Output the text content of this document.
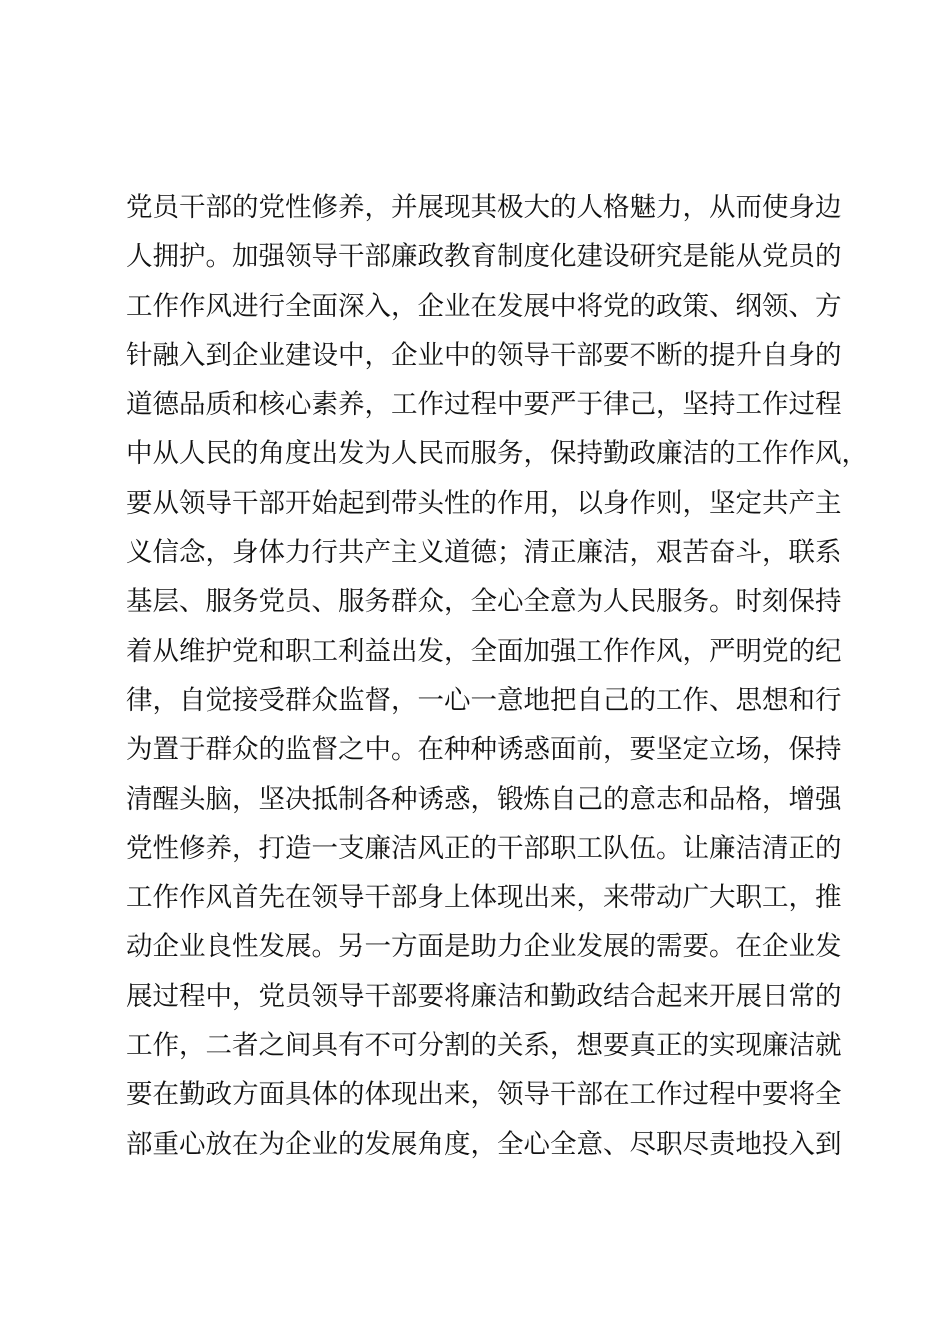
党员干部的党性修养，并展现其极大的人格魅力，从而使身边
人拥护。加强领导干部廉政教育制度化建设研究是能从党员的
工作作风进行全面深入，企业在发展中将党的政策、纲领、方
针融入到企业建设中，企业中的领导干部要不断的提升自身的
道德品质和核心素养，工作过程中要严于律己，坚持工作过程
中从人民的角度出发为人民而服务，保持勤政廉洁的工作作风，
要从领导干部开始起到带头性的作用，以身作则，坚定共产主
义信念，身体力行共产主义道德；清正廉洁，艰苦奋斗，联系
基层、服务党员、服务群众，全心全意为人民服务。时刻保持
着从维护党和职工利益出发，全面加强工作作风，严明党的纪
律，自觉接受群众监督，一心一意地把自己的工作、思想和行
为置于群众的监督之中。在种种诱惑面前，要坚定立场，保持
清醒头脑，坚决抵制各种诱惑，锻炼自己的意志和品格，增强
党性修养，打造一支廉洁风正的干部职工队伍。让廉洁清正的
工作作风首先在领导干部身上体现出来，来带动广大职工，推
动企业良性发展。另一方面是助力企业发展的需要。在企业发
展过程中，党员领导干部要将廉洁和勤政结合起来开展日常的
工作，二者之间具有不可分割的关系，想要真正的实现廉洁就
要在勤政方面具体的体现出来，领导干部在工作过程中要将全
部重心放在为企业的发展角度，全心全意、尽职尽责地投入到
